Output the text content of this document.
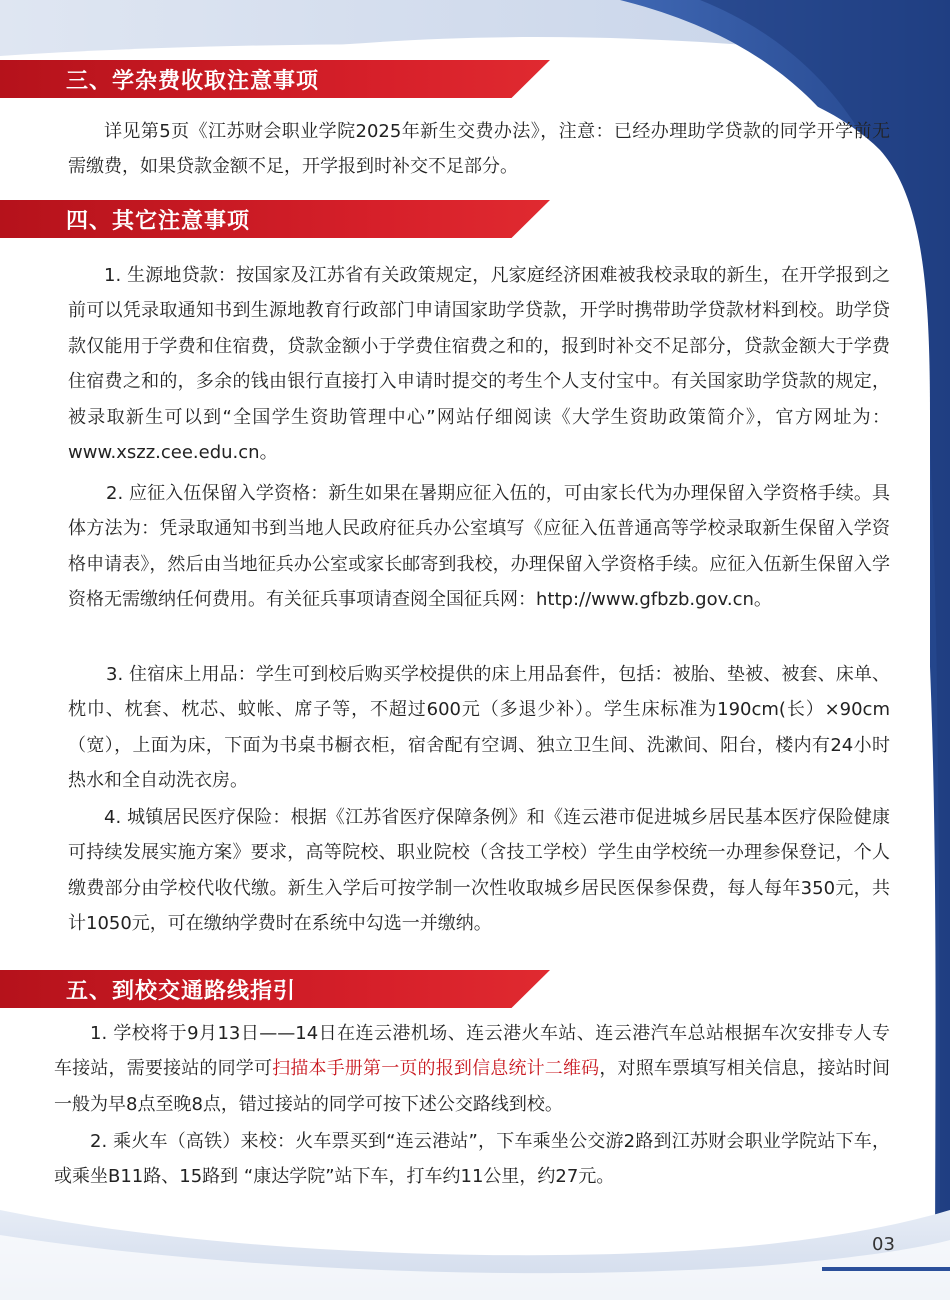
三、学杂费收取注意事项

详见第5页《江苏财会职业学院2025年新生交费办法》，注意：已经办理助学贷款的同学开学前无需缴费，如果贷款金额不足，开学报到时补交不足部分。

四、其它注意事项

1. 生源地贷款：按国家及江苏省有关政策规定，凡家庭经济困难被我校录取的新生，在开学报到之前可以凭录取通知书到生源地教育行政部门申请国家助学贷款，开学时携带助学贷款材料到校。助学贷款仅能用于学费和住宿费，贷款金额小于学费住宿费之和的，报到时补交不足部分，贷款金额大于学费住宿费之和的，多余的钱由银行直接打入申请时提交的考生个人支付宝中。有关国家助学贷款的规定，被录取新生可以到“全国学生资助管理中心”网站仔细阅读《大学生资助政策简介》，官方网址为：www.xszz.cee.edu.cn。

2. 应征入伍保留入学资格：新生如果在暑期应征入伍的，可由家长代为办理保留入学资格手续。具体方法为：凭录取通知书到当地人民政府征兵办公室填写《应征入伍普通高等学校录取新生保留入学资格申请表》，然后由当地征兵办公室或家长邮寄到我校，办理保留入学资格手续。应征入伍新生保留入学资格无需缴纳任何费用。有关征兵事项请查阅全国征兵网：http://www.gfbzb.gov.cn。

3. 住宿床上用品：学生可到校后购买学校提供的床上用品套件，包括：被胎、垫被、被套、床单、枕巾、枕套、枕芯、蚊帐、席子等，不超过600元（多退少补）。学生床标准为190cm(长）×90cm（宽），上面为床，下面为书桌书橱衣柜，宿舍配有空调、独立卫生间、洗漱间、阳台，楼内有24小时热水和全自动洗衣房。

4. 城镇居民医疗保险：根据《江苏省医疗保障条例》和《连云港市促进城乡居民基本医疗保险健康可持续发展实施方案》要求，高等院校、职业院校（含技工学校）学生由学校统一办理参保登记，个人缴费部分由学校代收代缴。新生入学后可按学制一次性收取城乡居民医保参保费，每人每年350元，共计1050元，可在缴纳学费时在系统中勾选一并缴纳。

五、到校交通路线指引

1. 学校将于9月13日——14日在连云港机场、连云港火车站、连云港汽车总站根据车次安排专人专车接站，需要接站的同学可扫描本手册第一页的报到信息统计二维码，对照车票填写相关信息，接站时间一般为早8点至晚8点，错过接站的同学可按下述公交路线到校。

2. 乘火车（高铁）来校：火车票买到“连云港站”，下车乘坐公交游2路到江苏财会职业学院站下车，或乘坐B11路、15路到 “康达学院”站下车，打车约11公里，约27元。

03
